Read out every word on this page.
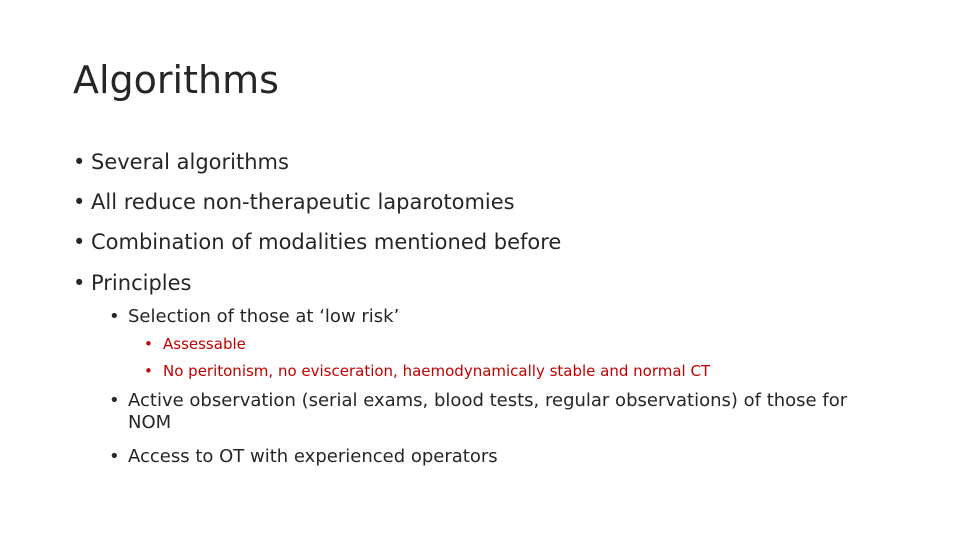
Algorithms
• Several algorithms
• All reduce non-therapeutic laparotomies
• Combination of modalities mentioned before
• Principles
• Selection of those at ‘low risk’
• Assessable
• No peritonism, no evisceration, haemodynamically stable and normal CT
• Active observation (serial exams, blood tests, regular observations) of those for NOM
• Access to OT with experienced operators
